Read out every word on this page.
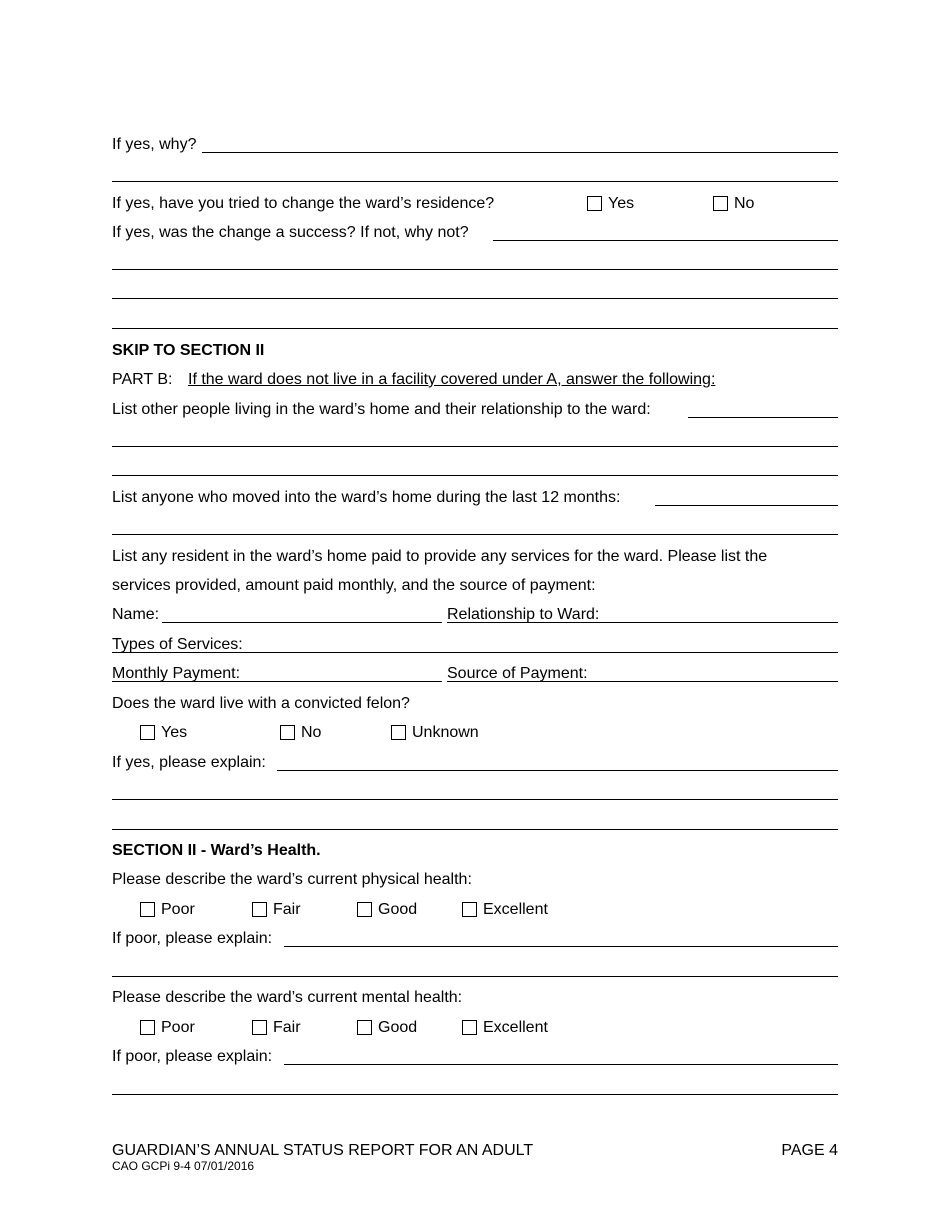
If yes, why?
If yes, have you tried to change the ward’s residence?	Yes	No
If yes, was the change a success? If not, why not?
SKIP TO SECTION II
PART B: If the ward does not live in a facility covered under A, answer the following:
List other people living in the ward’s home and their relationship to the ward:
List anyone who moved into the ward’s home during the last 12 months:
List any resident in the ward’s home paid to provide any services for the ward. Please list the
services provided, amount paid monthly, and the source of payment:
Name:	Relationship to Ward:
Types of Services:
Monthly Payment:	Source of Payment:
Does the ward live with a convicted felon?
Yes	No	Unknown
If yes, please explain:
SECTION II - Ward’s Health.
Please describe the ward’s current physical health:
Poor	Fair	Good	Excellent
If poor, please explain:
Please describe the ward’s current mental health:
Poor	Fair	Good	Excellent
If poor, please explain:
GUARDIAN’S ANNUAL STATUS REPORT FOR AN ADULT	PAGE 4
CAO GCPi 9-4 07/01/2016
